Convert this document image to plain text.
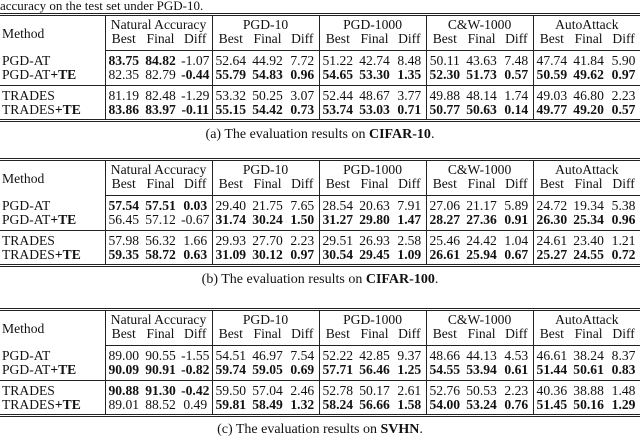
accuracy on the test set under PGD-10.
Method	Natural Accuracy			PGD-10			PGD-1000			C&W-1000			AutoAttack		
	Best	Final	Diff	Best	Final	Diff	Best	Final	Diff	Best	Final	Diff	Best	Final	Diff
PGD-AT	83.75	84.82	-1.07	52.64	44.92	7.72	51.22	42.74	8.48	50.11	43.63	7.48	47.74	41.84	5.90
PGD-AT+TE	82.35	82.79	-0.44	55.79	54.83	0.96	54.65	53.30	1.35	52.30	51.73	0.57	50.59	49.62	0.97
TRADES	81.19	82.48	-1.29	53.32	50.25	3.07	52.44	48.67	3.77	49.88	48.14	1.74	49.03	46.80	2.23
TRADES+TE	83.86	83.97	-0.11	55.15	54.42	0.73	53.74	53.03	0.71	50.77	50.63	0.14	49.77	49.20	0.57
(a) The evaluation results on CIFAR-10.
Method	Natural Accuracy			PGD-10			PGD-1000			C&W-1000			AutoAttack		
	Best	Final	Diff	Best	Final	Diff	Best	Final	Diff	Best	Final	Diff	Best	Final	Diff
PGD-AT	57.54	57.51	0.03	29.40	21.75	7.65	28.54	20.63	7.91	27.06	21.17	5.89	24.72	19.34	5.38
PGD-AT+TE	56.45	57.12	-0.67	31.74	30.24	1.50	31.27	29.80	1.47	28.27	27.36	0.91	26.30	25.34	0.96
TRADES	57.98	56.32	1.66	29.93	27.70	2.23	29.51	26.93	2.58	25.46	24.42	1.04	24.61	23.40	1.21
TRADES+TE	59.35	58.72	0.63	31.09	30.12	0.97	30.54	29.45	1.09	26.61	25.94	0.67	25.27	24.55	0.72
(b) The evaluation results on CIFAR-100.
Method	Natural Accuracy			PGD-10			PGD-1000			C&W-1000			AutoAttack		
	Best	Final	Diff	Best	Final	Diff	Best	Final	Diff	Best	Final	Diff	Best	Final	Diff
PGD-AT	89.00	90.55	-1.55	54.51	46.97	7.54	52.22	42.85	9.37	48.66	44.13	4.53	46.61	38.24	8.37
PGD-AT+TE	90.09	90.91	-0.82	59.74	59.05	0.69	57.71	56.46	1.25	54.55	53.94	0.61	51.44	50.61	0.83
TRADES	90.88	91.30	-0.42	59.50	57.04	2.46	52.78	50.17	2.61	52.76	50.53	2.23	40.36	38.88	1.48
TRADES+TE	89.01	88.52	0.49	59.81	58.49	1.32	58.24	56.66	1.58	54.00	53.24	0.76	51.45	50.16	1.29
(c) The evaluation results on SVHN.
